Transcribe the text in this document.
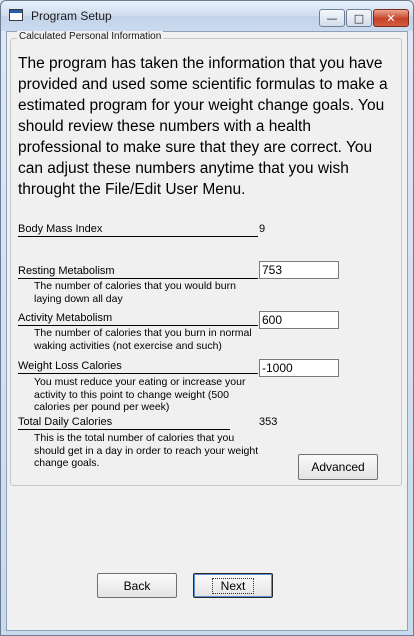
Program Setup	— □ ✕
Calculated Personal Information
The program has taken the information that you have provided and used some scientific formulas to make a estimated program for your weight change goals. You should review these numbers with a health professional to make sure that they are correct. You can adjust these numbers anytime that you wish throught the File/Edit User Menu.
Body Mass Index	9
Resting Metabolism	753
The number of calories that you would burn laying down all day
Activity Metabolism	600
The number of calories that you burn in normal waking activities (not exercise and such)
Weight Loss Calories	-1000
You must reduce your eating or increase your activity to this point to change weight (500 calories per pound per week)
Total Daily Calories	353
This is the total number of calories that you should get in a day in order to reach your weight change goals.	Advanced
Back	Next
